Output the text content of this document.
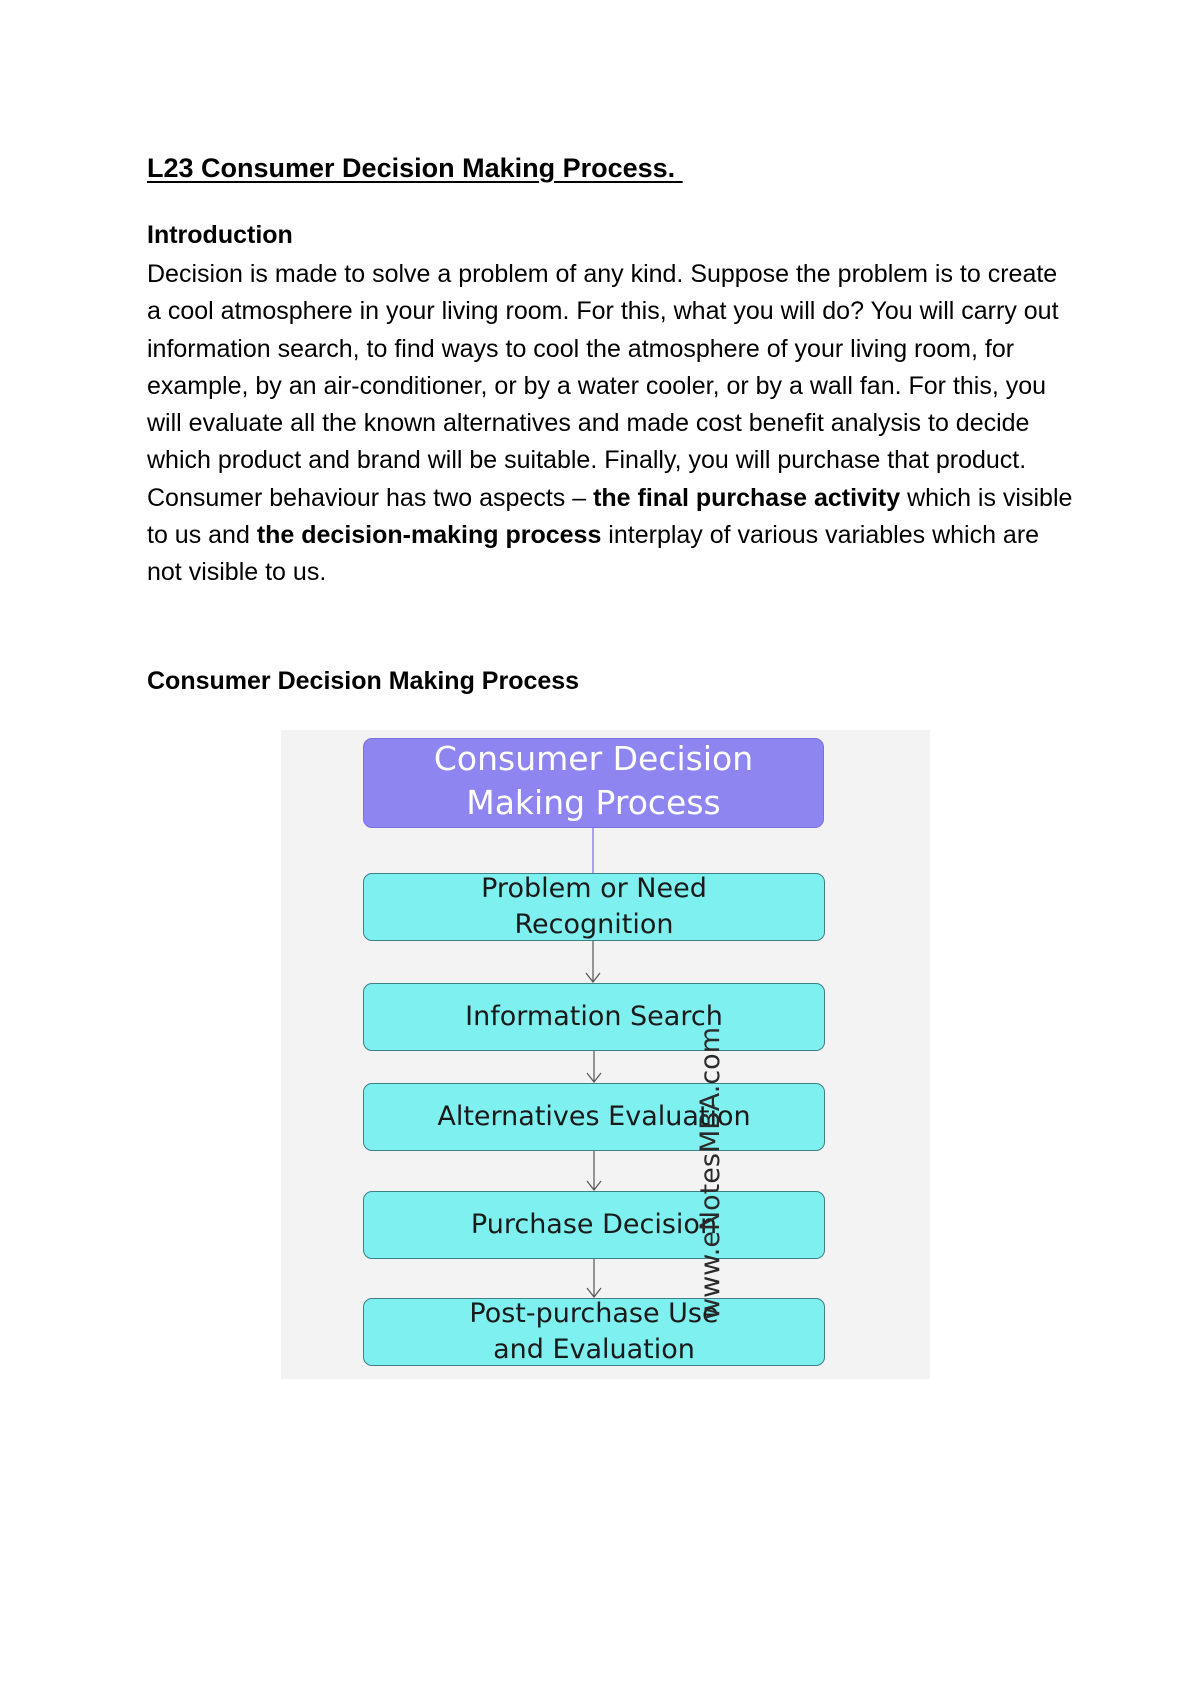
L23 Consumer Decision Making Process.
Introduction

Decision is made to solve a problem of any kind. Suppose the problem is to create a cool atmosphere in your living room. For this, what you will do? You will carry out information search, to find ways to cool the atmosphere of your living room, for example, by an air-conditioner, or by a water cooler, or by a wall fan. For this, you will evaluate all the known alternatives and made cost benefit analysis to decide which product and brand will be suitable. Finally, you will purchase that product. Consumer behaviour has two aspects – the final purchase activity which is visible to us and the decision-making process interplay of various variables which are not visible to us.

Consumer Decision Making Process
Consumer Decision
Making Process
Problem or Need
Recognition
Information Search
Alternatives Evaluation
Purchase Decision
Post-purchase Use
and Evaluation
www.eNotesMBA.com
